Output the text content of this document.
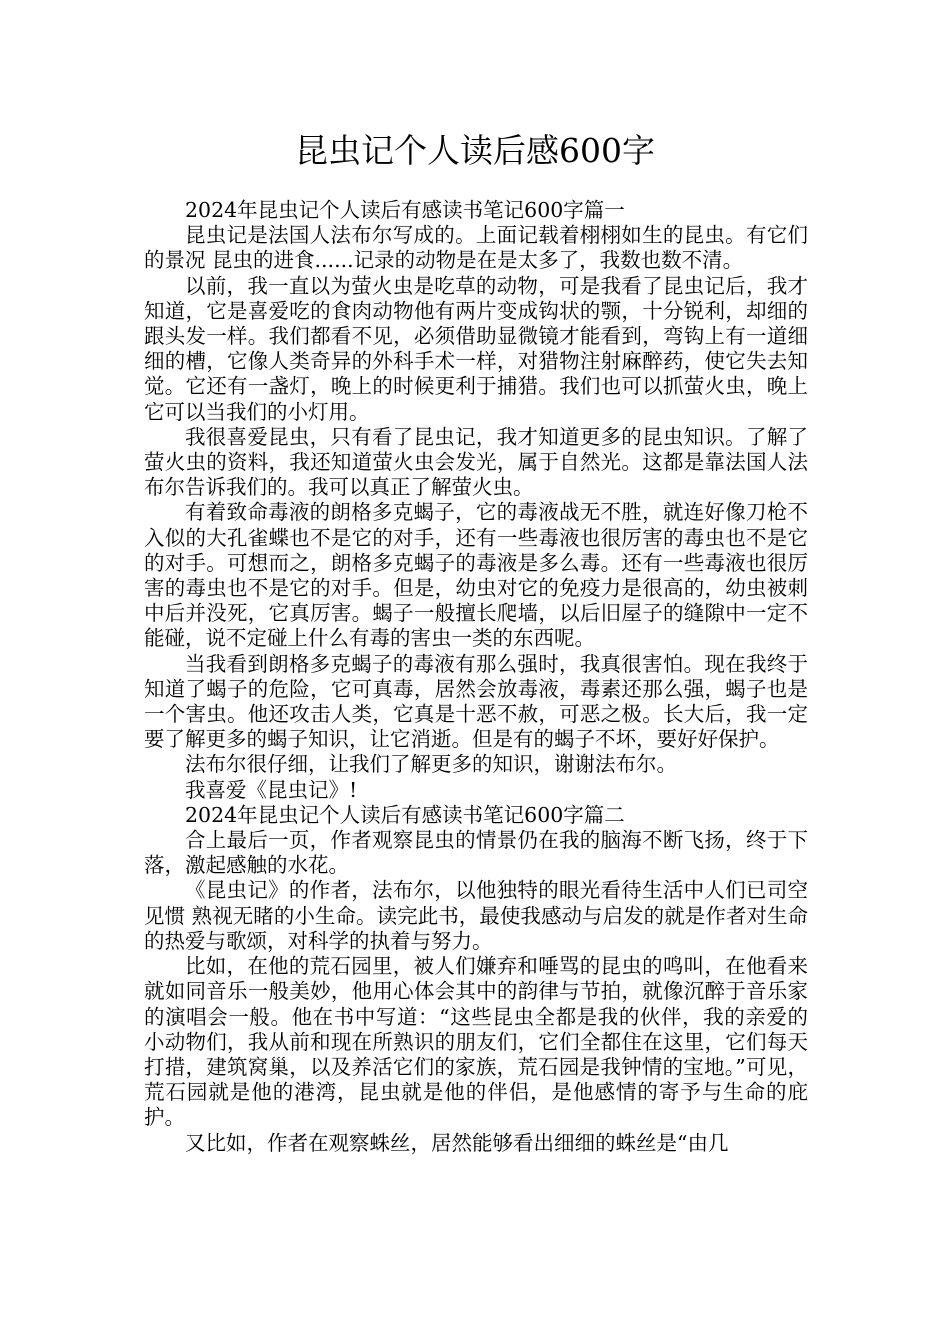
昆虫记个人读后感600字

2024年昆虫记个人读后有感读书笔记600字篇一

昆虫记是法国人法布尔写成的。上面记载着栩栩如生的昆虫。有它们的景况 昆虫的进食......记录的动物是在是太多了，我数也数不清。

以前，我一直以为萤火虫是吃草的动物，可是我看了昆虫记后，我才知道，它是喜爱吃的食肉动物他有两片变成钩状的颚，十分锐利，却细的跟头发一样。我们都看不见，必须借助显微镜才能看到，弯钩上有一道细细的槽，它像人类奇异的外科手术一样，对猎物注射麻醉药，使它失去知觉。它还有一盏灯，晚上的时候更利于捕猎。我们也可以抓萤火虫，晚上它可以当我们的小灯用。

我很喜爱昆虫，只有看了昆虫记，我才知道更多的昆虫知识。了解了萤火虫的资料，我还知道萤火虫会发光，属于自然光。这都是靠法国人法布尔告诉我们的。我可以真正了解萤火虫。

有着致命毒液的朗格多克蝎子，它的毒液战无不胜，就连好像刀枪不入似的大孔雀蝶也不是它的对手，还有一些毒液也很厉害的毒虫也不是它的对手。可想而之，朗格多克蝎子的毒液是多么毒。还有一些毒液也很厉害的毒虫也不是它的对手。但是，幼虫对它的免疫力是很高的，幼虫被刺中后并没死，它真厉害。蝎子一般擅长爬墙，以后旧屋子的缝隙中一定不能碰，说不定碰上什么有毒的害虫一类的东西呢。

当我看到朗格多克蝎子的毒液有那么强时，我真很害怕。现在我终于知道了蝎子的危险，它可真毒，居然会放毒液，毒素还那么强，蝎子也是一个害虫。他还攻击人类，它真是十恶不赦，可恶之极。长大后，我一定要了解更多的蝎子知识，让它消逝。但是有的蝎子不坏，要好好保护。

法布尔很仔细，让我们了解更多的知识，谢谢法布尔。

我喜爱《昆虫记》!

2024年昆虫记个人读后有感读书笔记600字篇二

合上最后一页，作者观察昆虫的情景仍在我的脑海不断飞扬，终于下落，激起感触的水花。

《昆虫记》的作者，法布尔，以他独特的眼光看待生活中人们已司空见惯 熟视无睹的小生命。读完此书，最使我感动与启发的就是作者对生命的热爱与歌颂，对科学的执着与努力。

比如，在他的荒石园里，被人们嫌弃和唾骂的昆虫的鸣叫，在他看来就如同音乐一般美妙，他用心体会其中的韵律与节拍，就像沉醉于音乐家的演唱会一般。他在书中写道：“这些昆虫全都是我的伙伴，我的亲爱的小动物们，我从前和现在所熟识的朋友们，它们全都住在这里，它们每天打措，建筑窝巢，以及养活它们的家族，荒石园是我钟情的宝地。”可见，荒石园就是他的港湾，昆虫就是他的伴侣，是他感情的寄予与生命的庇护。

又比如，作者在观察蛛丝，居然能够看出细细的蛛丝是“由几
